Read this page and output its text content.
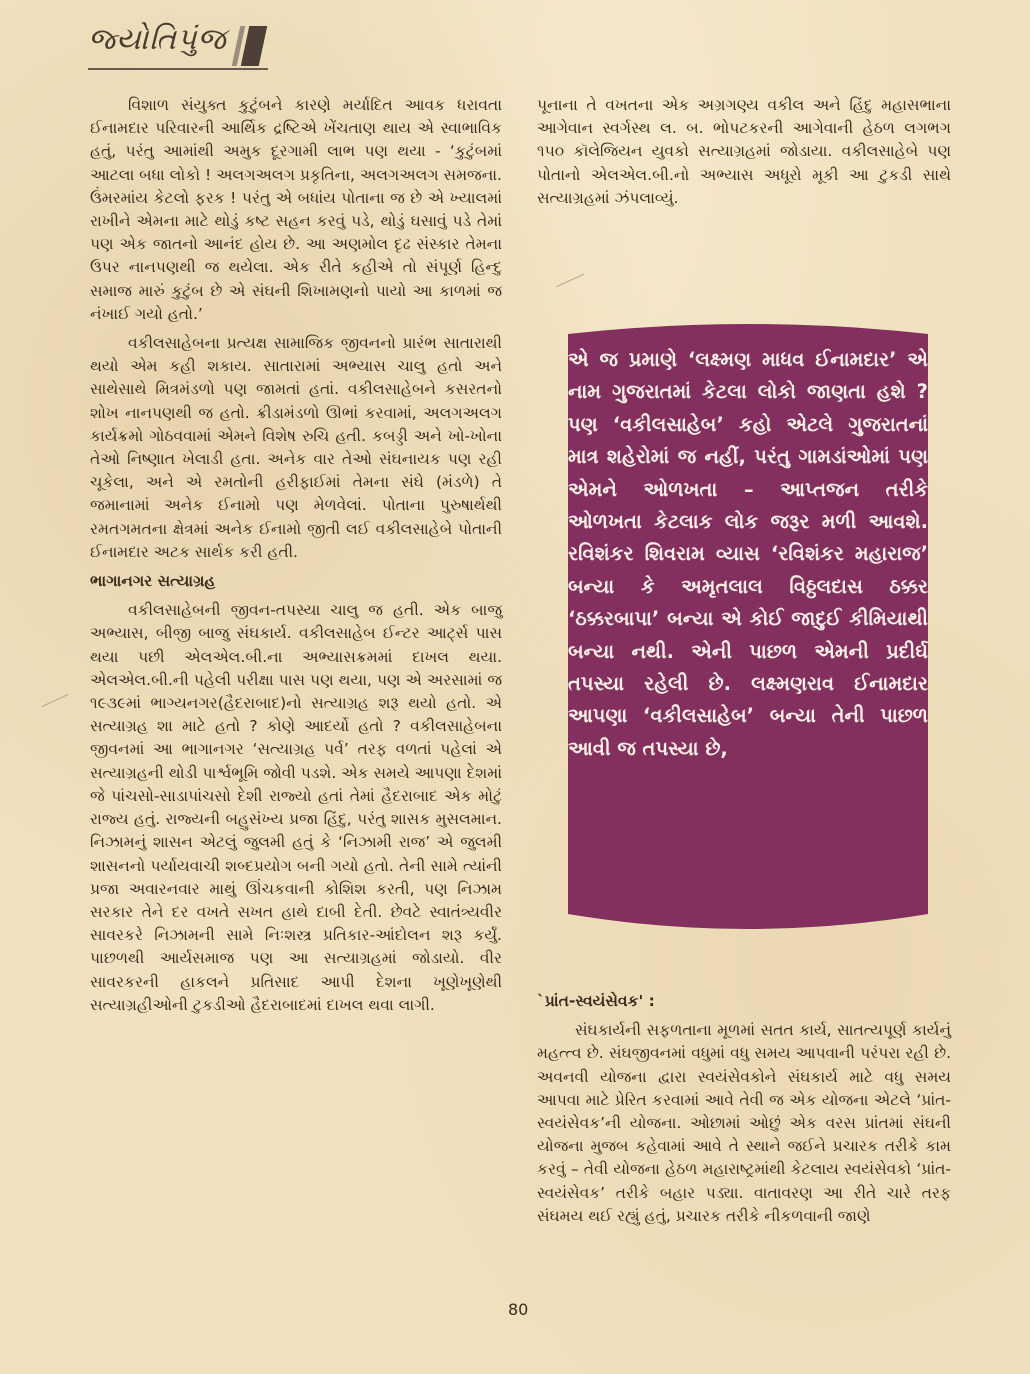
જ્યોતિપુંજ

વિશાળ સંયુક્ત કુટુંબને કારણે મર્યાદિત આવક ધરાવતા ઈનામદાર પરિવારની આર્થિક દ્રષ્ટિએ ખેંચતાણ થાય એ સ્વાભાવિક હતું, પરંતુ આમાંથી અમુક દૂરગામી લાભ પણ થયા - ‘કુટુંબમાં આટલા બધા લોકો ! અલગઅલગ પ્રકૃતિના, અલગઅલગ સમજના. ઉંમરમાંય કેટલો ફરક ! પરંતુ એ બધાંય પોતાના જ છે એ ખ્યાલમાં રાખીને એમના માટે થોડું કષ્ટ સહન કરવું પડે, થોડું ઘસાવું પડે તેમાં પણ એક જાતનો આનંદ હોય છે. આ અણમોલ દૃઢ સંસ્કાર તેમના ઉપર નાનપણથી જ થયેલા. એક રીતે કહીએ તો સંપૂર્ણ હિન્દુ સમાજ મારું કુટુંબ છે એ સંઘની શિખામણનો પાયો આ કાળમાં જ નંખાઈ ગયો હતો.’

વકીલસાહેબના પ્રત્યક્ષ સામાજિક જીવનનો પ્રારંભ સાતારાથી થયો એમ કહી શકાય. સાતારામાં અભ્યાસ ચાલુ હતો અને સાથેસાથે મિત્રમંડળો પણ જામતાં હતાં. વકીલસાહેબને કસરતનો શોખ નાનપણથી જ હતો. ક્રીડામંડળો ઊભાં કરવામાં, અલગઅલગ કાર્યક્રમો ગોઠવવામાં એમને વિશેષ રુચિ હતી. કબડ્ડી અને ખો-ખોના તેઓ નિષ્ણાત ખેલાડી હતા. અનેક વાર તેઓ સંઘનાયક પણ રહી ચૂકેલા, અને એ રમતોની હરીફાઈમાં તેમના સંઘે (મંડળે) તે જમાનામાં અનેક ઈનામો પણ મેળવેલાં. પોતાના પુરુષાર્થથી રમતગમતના ક્ષેત્રમાં અનેક ઈનામો જીતી લઈ વકીલસાહેબે પોતાની ઈનામદાર અટક સાર્થક કરી હતી.

ભાગાનગર સત્યાગ્રહ

વકીલસાહેબની જીવન-તપસ્યા ચાલુ જ હતી. એક બાજુ અભ્યાસ, બીજી બાજુ સંઘકાર્ય. વકીલસાહેબ ઈન્ટર આર્ટ્સ પાસ થયા પછી એલએલ.બી.ના અભ્યાસક્રમમાં દાખલ થયા. એલએલ.બી.ની પહેલી પરીક્ષા પાસ પણ થયા, પણ એ અરસામાં જ ૧૯૩૯માં ભાગ્યનગર(હૈદરાબાદ)નો સત્યાગ્રહ શરૂ થયો હતો. એ સત્યાગ્રહ શા માટે હતો ? કોણે આદર્યો હતો ? વકીલસાહેબના જીવનમાં આ ભાગાનગર ‘સત્યાગ્રહ પર્વ’ તરફ વળતાં પહેલાં એ સત્યાગ્રહની થોડી પાર્શ્વભૂમિ જોવી પડશે. એક સમયે આપણા દેશમાં જે પાંચસો-સાડાપાંચસો દેશી રાજ્યો હતાં તેમાં હૈદરાબાદ એક મોટું રાજ્ય હતું. રાજ્યની બહુસંખ્ય પ્રજા હિંદુ, પરંતુ શાસક મુસલમાન. નિઝામનું શાસન એટલું જુલમી હતું કે ‘નિઝામી રાજ’ એ જુલમી શાસનનો પર્યાયવાચી શબ્દપ્રયોગ બની ગયો હતો. તેની સામે ત્યાંની પ્રજા અવારનવાર માથું ઊંચકવાની કોશિશ કરતી, પણ નિઝામ સરકાર તેને દર વખતે સખત હાથે દાબી દેતી. છેવટે સ્વાતંત્ર્યવીર સાવરકરે નિઝામની સામે નિઃશસ્ત્ર પ્રતિકાર-આંદોલન શરૂ કર્યું. પાછળથી આર્યસમાજ પણ આ સત્યાગ્રહમાં જોડાયો. વીર સાવરકરની હાકલને પ્રતિસાદ આપી દેશના ખૂણેખૂણેથી સત્યાગ્રહીઓની ટુકડીઓ હૈદરાબાદમાં દાખલ થવા લાગી.

પૂનાના તે વખતના એક અગ્રગણ્ય વકીલ અને હિંદુ મહાસભાના આગેવાન સ્વર્ગસ્થ લ. બ. ભોપટકરની આગેવાની હેઠળ લગભગ ૧૫૦ કૉલેજિયન યુવકો સત્યાગ્રહમાં જોડાયા. વકીલસાહેબે પણ પોતાનો એલએલ.બી.નો અભ્યાસ અધૂરો મૂકી આ ટુકડી સાથે સત્યાગ્રહમાં ઝંપલાવ્યું.

એ જ પ્રમાણે ‘લક્ષ્મણ માધવ ઈનામદાર’ એ નામ ગુજરાતમાં કેટલા લોકો જાણતા હશે ? પણ ‘વકીલસાહેબ’ કહો એટલે ગુજરાતનાં માત્ર શહેરોમાં જ નહીં, પરંતુ ગામડાંઓમાં પણ એમને ઓળખતા – આપ્તજન તરીકે ઓળખતા કેટલાક લોક જરૂર મળી આવશે. રવિશંકર શિવરામ વ્યાસ ‘રવિશંકર મહારાજ’ બન્યા કે અમૃતલાલ વિઠ્ઠલદાસ ઠક્કર ‘ઠક્કરબાપા’ બન્યા એ કોઈ જાદુઈ કીમિયાથી બન્યા નથી. એની પાછળ એમની પ્રદીર્ઘ તપસ્યા રહેલી છે. લક્ષ્મણરાવ ઈનામદાર આપણા ‘વકીલસાહેબ’ બન્યા તેની પાછળ આવી જ તપસ્યા છે,

`પ્રાંત-સ્વયંસેવક' :

સંઘકાર્યની સફળતાના મૂળમાં સતત કાર્ય, સાતત્યપૂર્ણ કાર્યનું મહત્ત્વ છે. સંઘજીવનમાં વધુમાં વધુ સમય આપવાની પરંપરા રહી છે. અવનવી યોજના દ્વારા સ્વયંસેવકોને સંઘકાર્ય માટે વધુ સમય આપવા માટે પ્રેરિત કરવામાં આવે તેવી જ એક યોજના એટલે ‘પ્રાંત-સ્વયંસેવક’ની યોજના. ઓછામાં ઓછું એક વરસ પ્રાંતમાં સંઘની યોજના મુજબ કહેવામાં આવે તે સ્થાને જઈને પ્રચારક તરીકે કામ કરવું – તેવી યોજના હેઠળ મહારાષ્ટ્રમાંથી કેટલાય સ્વયંસેવકો ‘પ્રાંત-સ્વયંસેવક’ તરીકે બહાર પડ્યા. વાતાવરણ આ રીતે ચારે તરફ સંઘમય થઈ રહ્યું હતું, પ્રચારક તરીકે નીકળવાની જાણે

80
